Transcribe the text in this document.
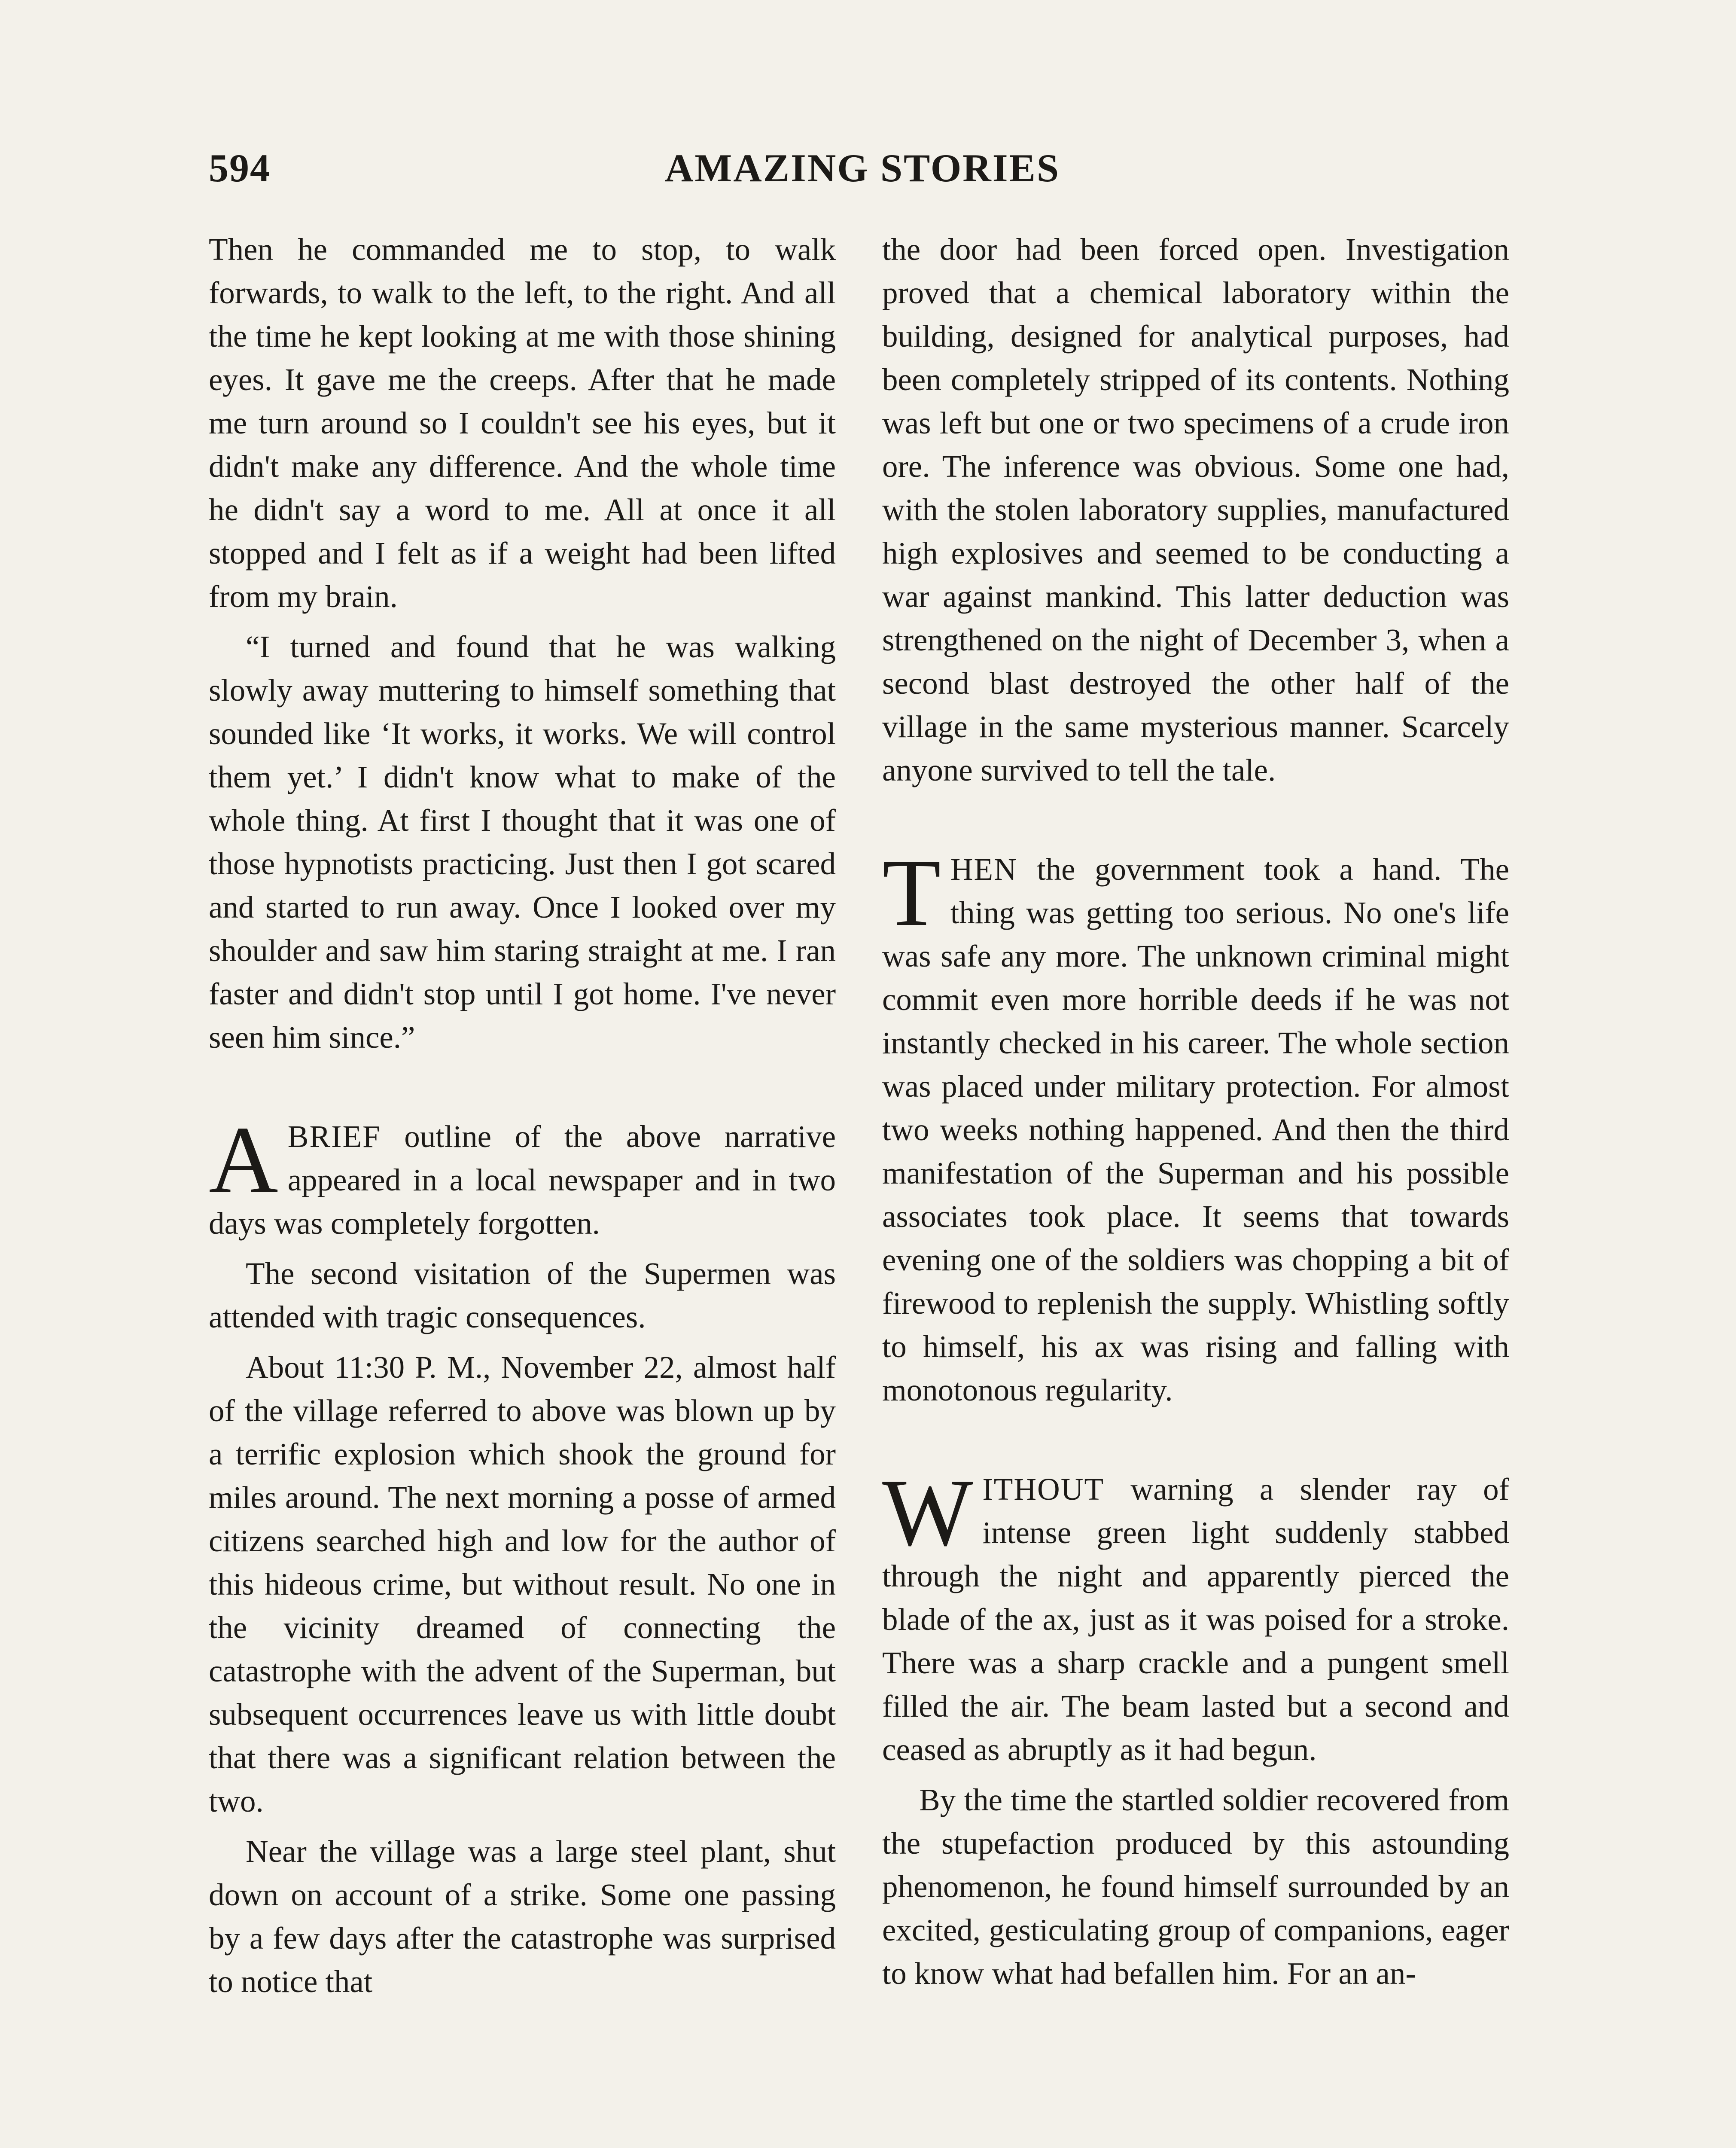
594	AMAZING STORIES

Then he commanded me to stop, to walk forwards, to walk to the left, to the right. And all the time he kept looking at me with those shining eyes. It gave me the creeps. After that he made me turn around so I couldn't see his eyes, but it didn't make any difference. And the whole time he didn't say a word to me. All at once it all stopped and I felt as if a weight had been lifted from my brain.

“I turned and found that he was walking slowly away muttering to himself something that sounded like ‘It works, it works. We will control them yet.’ I didn't know what to make of the whole thing. At first I thought that it was one of those hypnotists practicing. Just then I got scared and started to run away. Once I looked over my shoulder and saw him staring straight at me. I ran faster and didn't stop until I got home. I've never seen him since.”

ABRIEF outline of the above narrative appeared in a local newspaper and in two days was completely forgotten.

The second visitation of the Supermen was attended with tragic consequences.

About 11:30 P. M., November 22, almost half of the village referred to above was blown up by a terrific explosion which shook the ground for miles around. The next morning a posse of armed citizens searched high and low for the author of this hideous crime, but without result. No one in the vicinity dreamed of connecting the catastrophe with the advent of the Superman, but subsequent occurrences leave us with little doubt that there was a significant relation between the two.

Near the village was a large steel plant, shut down on account of a strike. Some one passing by a few days after the catastrophe was surprised to notice that

the door had been forced open. Investigation proved that a chemical laboratory within the building, designed for analytical purposes, had been completely stripped of its contents. Nothing was left but one or two specimens of a crude iron ore. The inference was obvious. Some one had, with the stolen laboratory supplies, manufactured high explosives and seemed to be conducting a war against mankind. This latter deduction was strengthened on the night of December 3, when a second blast destroyed the other half of the village in the same mysterious manner. Scarcely anyone survived to tell the tale.

THEN the government took a hand. The thing was getting too serious. No one's life was safe any more. The unknown criminal might commit even more horrible deeds if he was not instantly checked in his career. The whole section was placed under military protection. For almost two weeks nothing happened. And then the third manifestation of the Superman and his possible associates took place. It seems that towards evening one of the soldiers was chopping a bit of firewood to replenish the supply. Whistling softly to himself, his ax was rising and falling with monotonous regularity.

WITHOUT warning a slender ray of intense green light suddenly stabbed through the night and apparently pierced the blade of the ax, just as it was poised for a stroke. There was a sharp crackle and a pungent smell filled the air. The beam lasted but a second and ceased as abruptly as it had begun.

By the time the startled soldier recovered from the stupefaction produced by this astounding phenomenon, he found himself surrounded by an excited, gesticulating group of companions, eager to know what had befallen him. For an an-
